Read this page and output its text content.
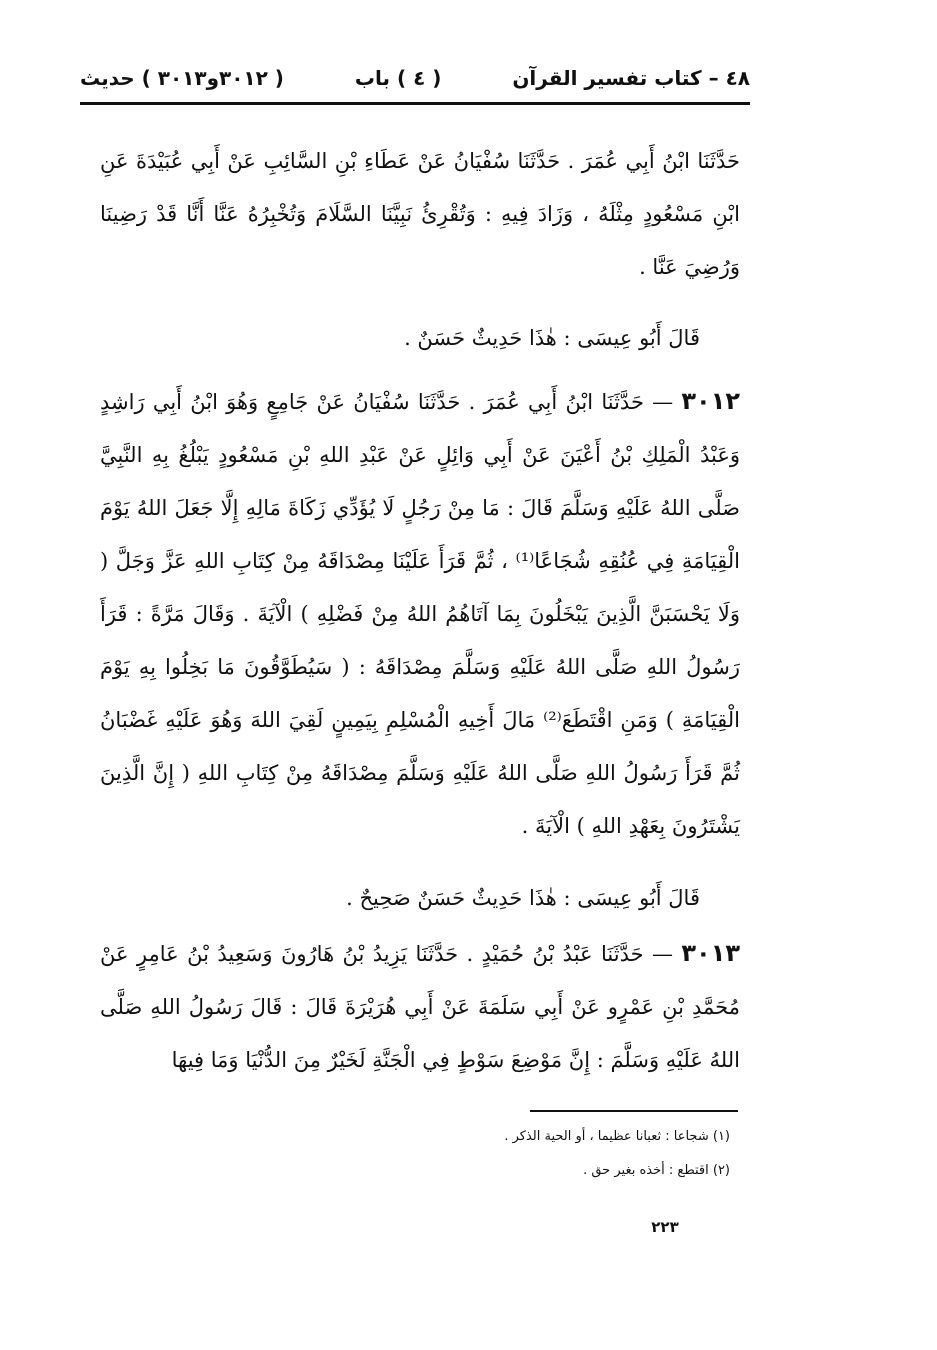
٤٨ – كتاب تفسير القرآن
( ٤ ) باب
( ٣٠١٢و٣٠١٣ ) حديث

حَدَّثَنَا ابْنُ أَبِي عُمَرَ . حَدَّثَنَا سُفْيَانُ عَنْ عَطَاءِ بْنِ السَّائِبِ عَنْ أَبِي عُبَيْدَةَ عَنِ ابْنِ مَسْعُودٍ مِثْلَهُ ، وَزَادَ فِيهِ : وَتُقْرِئُ نَبِيَّنَا السَّلَامَ وَتُخْبِرُهُ عَنَّا أَنَّا قَدْ رَضِينَا وَرُضِيَ عَنَّا .

قَالَ أَبُو عِيسَى : هٰذَا حَدِيثٌ حَسَنٌ .

٣٠١٢ — حَدَّثَنَا ابْنُ أَبِي عُمَرَ . حَدَّثَنَا سُفْيَانُ عَنْ جَامِعٍ وَهُوَ ابْنُ أَبِي رَاشِدٍ وَعَبْدُ الْمَلِكِ بْنُ أَعْيَنَ عَنْ أَبِي وَائِلٍ عَنْ عَبْدِ اللهِ بْنِ مَسْعُودٍ يَبْلُغُ بِهِ النَّبِيَّ صَلَّى اللهُ عَلَيْهِ وَسَلَّمَ قَالَ : مَا مِنْ رَجُلٍ لَا يُؤَدِّي زَكَاةَ مَالِهِ إِلَّا جَعَلَ اللهُ يَوْمَ الْقِيَامَةِ فِي عُنُقِهِ شُجَاعًا⁽¹⁾ ، ثُمَّ قَرَأَ عَلَيْنَا مِصْدَاقَهُ مِنْ كِتَابِ اللهِ عَزَّ وَجَلَّ ( وَلَا يَحْسَبَنَّ الَّذِينَ يَبْخَلُونَ بِمَا آتَاهُمُ اللهُ مِنْ فَضْلِهِ ) الْآيَةَ . وَقَالَ مَرَّةً : قَرَأَ رَسُولُ اللهِ صَلَّى اللهُ عَلَيْهِ وَسَلَّمَ مِصْدَاقَهُ : ( سَيُطَوَّقُونَ مَا بَخِلُوا بِهِ يَوْمَ الْقِيَامَةِ ) وَمَنِ اقْتَطَعَ⁽²⁾ مَالَ أَخِيهِ الْمُسْلِمِ بِيَمِينٍ لَقِيَ اللهَ وَهُوَ عَلَيْهِ غَضْبَانُ ثُمَّ قَرَأَ رَسُولُ اللهِ صَلَّى اللهُ عَلَيْهِ وَسَلَّمَ مِصْدَاقَهُ مِنْ كِتَابِ اللهِ ( إِنَّ الَّذِينَ يَشْتَرُونَ بِعَهْدِ اللهِ ) الْآيَةَ .

قَالَ أَبُو عِيسَى : هٰذَا حَدِيثٌ حَسَنٌ صَحِيحٌ .

٣٠١٣ — حَدَّثَنَا عَبْدُ بْنُ حُمَيْدٍ . حَدَّثَنَا يَزِيدُ بْنُ هَارُونَ وَسَعِيدُ بْنُ عَامِرٍ عَنْ مُحَمَّدِ بْنِ عَمْرٍو عَنْ أَبِي سَلَمَةَ عَنْ أَبِي هُرَيْرَةَ قَالَ : قَالَ رَسُولُ اللهِ صَلَّى اللهُ عَلَيْهِ وَسَلَّمَ : إِنَّ مَوْضِعَ سَوْطٍ فِي الْجَنَّةِ لَخَيْرٌ مِنَ الدُّنْيَا وَمَا فِيهَا

(١) شجاعا : ثعبانا عظيما ، أو الحية الذكر .

(٢) اقتطع : أخذه بغير حق .

٢٢٣
